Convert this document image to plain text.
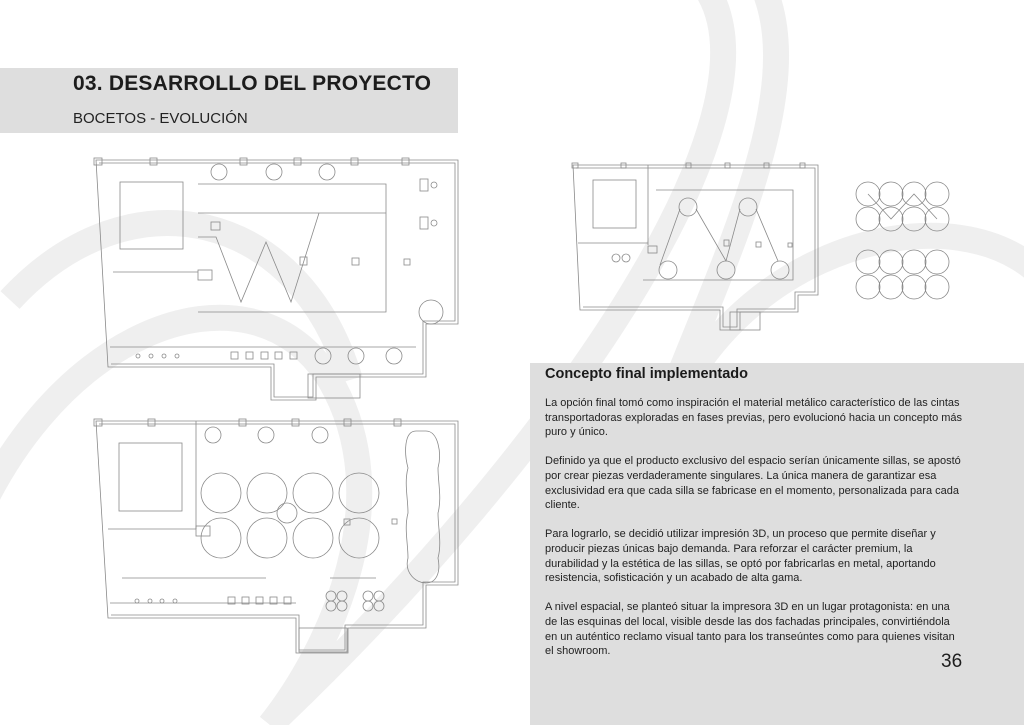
03. DESARROLLO DEL PROYECTO
BOCETOS - EVOLUCIÓN
Concepto final implementado

La opción final tomó como inspiración el material metálico característico de las cintas transportadoras exploradas en fases previas, pero evolucionó hacia un concepto más puro y único.

Definido ya que el producto exclusivo del espacio serían únicamente sillas, se apostó por crear piezas verdaderamente singulares. La única manera de garantizar esa exclusividad era que cada silla se fabricase en el momento, personalizada para cada cliente.

Para lograrlo, se decidió utilizar impresión 3D, un proceso que permite diseñar y producir piezas únicas bajo demanda. Para reforzar el carácter premium, la durabilidad y la estética de las sillas, se optó por fabricarlas en metal, aportando resistencia, sofisticación y un acabado de alta gama.

A nivel espacial, se planteó situar la impresora 3D en un lugar protagonista: en una de las esquinas del local, visible desde las dos fachadas principales, convirtiéndola en un auténtico reclamo visual tanto para los transeúntes como para quienes visitan el showroom.	36
